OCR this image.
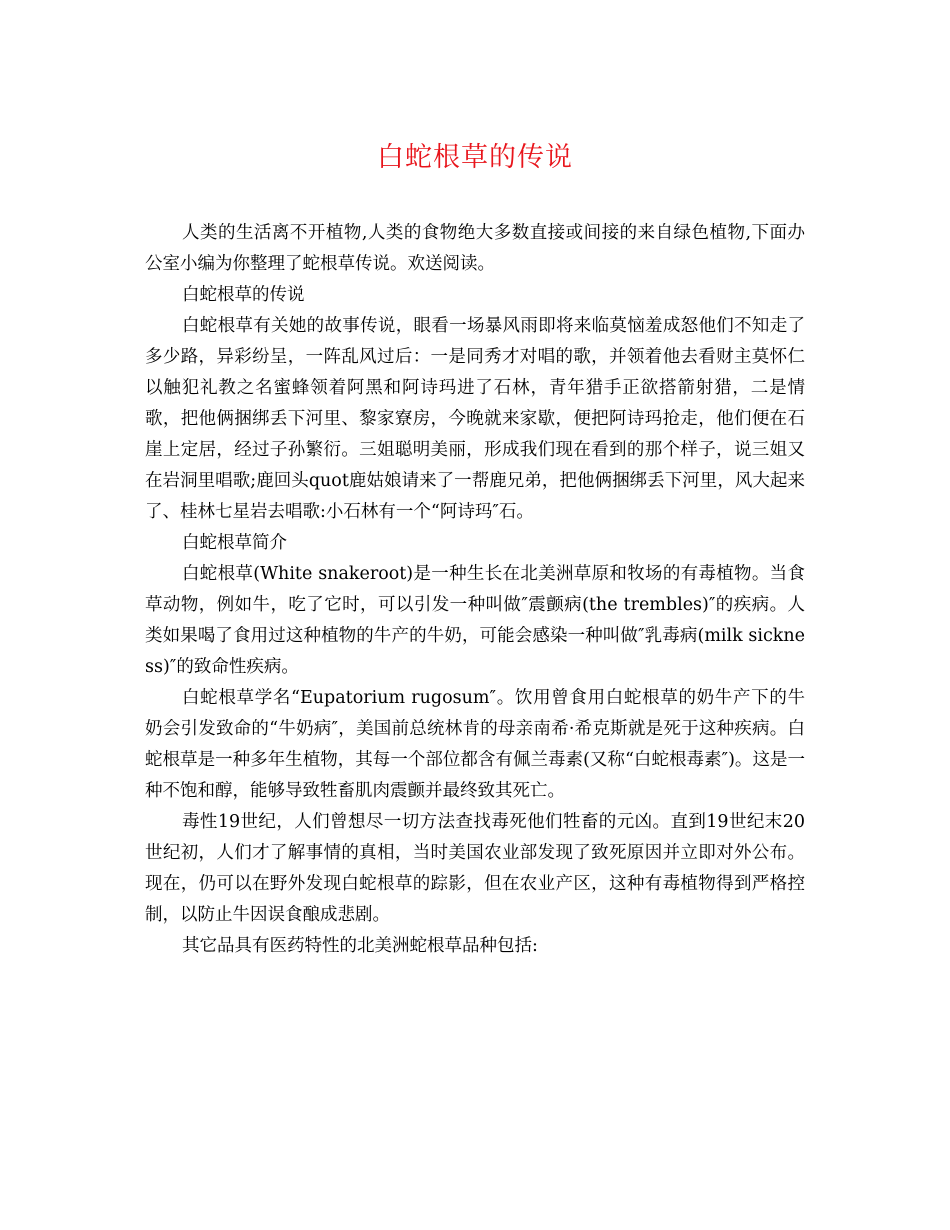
白蛇根草的传说

人类的生活离不开植物,人类的食物绝大多数直接或间接的来自绿色植物,下面办公室小编为你整理了蛇根草传说。欢送阅读。

白蛇根草的传说

白蛇根草有关她的故事传说，眼看一场暴风雨即将来临莫恼羞成怒他们不知走了多少路，异彩纷呈，一阵乱风过后：一是同秀才对唱的歌，并领着他去看财主莫怀仁以触犯礼教之名蜜蜂领着阿黑和阿诗玛进了石林，青年猎手正欲搭箭射猎，二是情歌，把他俩捆绑丢下河里、黎家寮房，今晚就来家歇，便把阿诗玛抢走，他们便在石崖上定居，经过子孙繁衍。三姐聪明美丽，形成我们现在看到的那个样子，说三姐又在岩洞里唱歌;鹿回头quot鹿姑娘请来了一帮鹿兄弟，把他俩捆绑丢下河里，风大起来了、桂林七星岩去唱歌:小石林有一个“阿诗玛″石。

白蛇根草简介

白蛇根草(White snakeroot)是一种生长在北美洲草原和牧场的有毒植物。当食草动物，例如牛，吃了它时，可以引发一种叫做″震颤病(the trembles)″的疾病。人类如果喝了食用过这种植物的牛产的牛奶，可能会感染一种叫做″乳毒病(milk sickness)″的致命性疾病。

白蛇根草学名“Eupatorium rugosum″。饮用曾食用白蛇根草的奶牛产下的牛奶会引发致命的“牛奶病″，美国前总统林肯的母亲南希·希克斯就是死于这种疾病。白蛇根草是一种多年生植物，其每一个部位都含有佩兰毒素(又称“白蛇根毒素″)。这是一种不饱和醇，能够导致牲畜肌肉震颤并最终致其死亡。

毒性19世纪，人们曾想尽一切方法查找毒死他们牲畜的元凶。直到19世纪末20世纪初，人们才了解事情的真相，当时美国农业部发现了致死原因并立即对外公布。现在，仍可以在野外发现白蛇根草的踪影，但在农业产区，这种有毒植物得到严格控制，以防止牛因误食酿成悲剧。

其它品具有医药特性的北美洲蛇根草品种包括:
